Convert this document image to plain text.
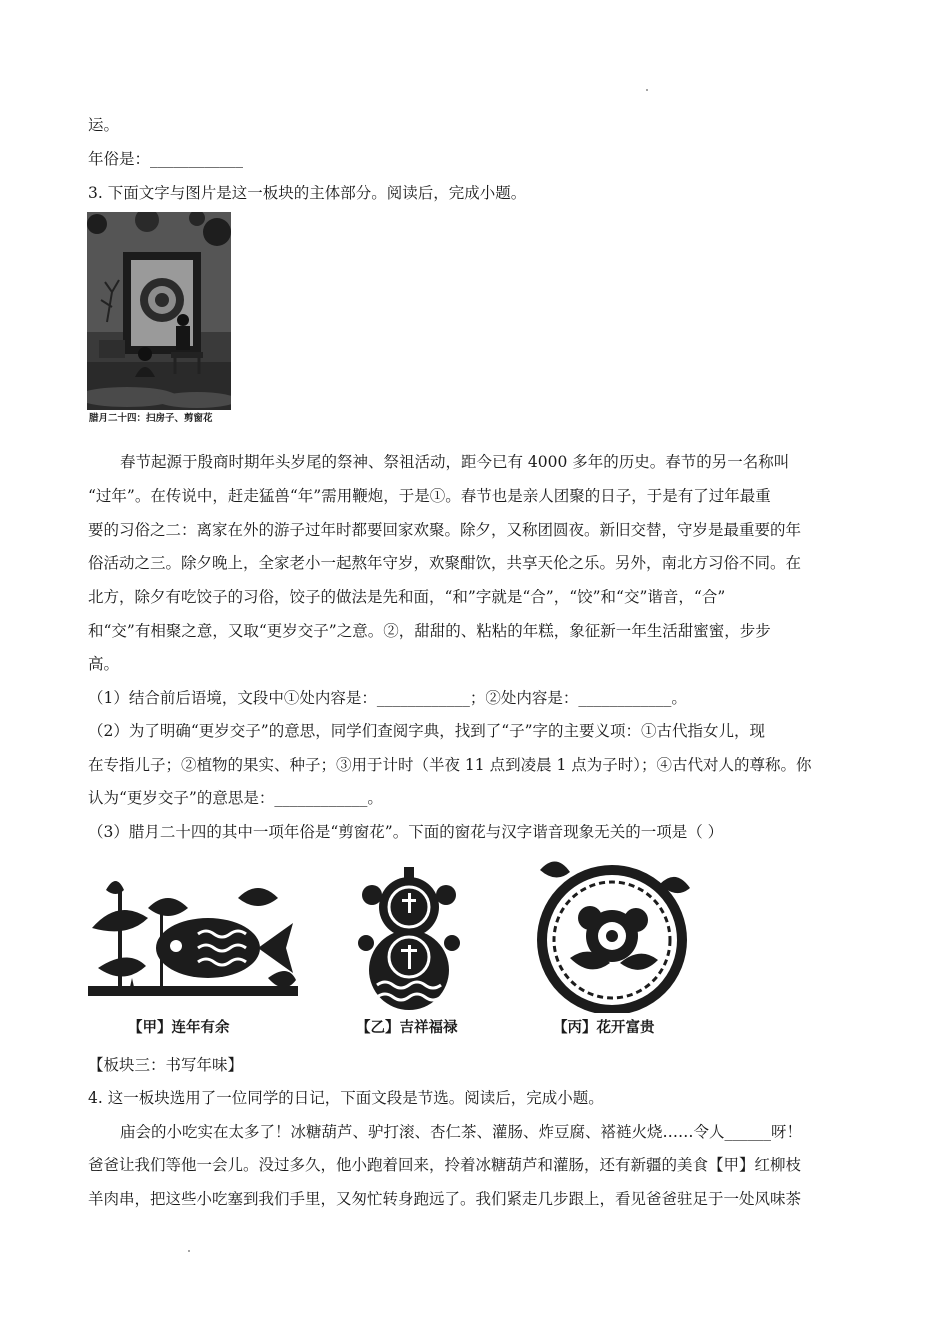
运。
年俗是：____________
3. 下面文字与图片是这一板块的主体部分。阅读后，完成小题。
腊月二十四：扫房子、剪窗花
春节起源于殷商时期年头岁尾的祭神、祭祖活动，距今已有 4000 多年的历史。春节的另一名称叫
“过年”。在传说中，赶走猛兽“年”需用鞭炮，于是①。春节也是亲人团聚的日子，于是有了过年最重
要的习俗之二：离家在外的游子过年时都要回家欢聚。除夕，又称团圆夜。新旧交替，守岁是最重要的年
俗活动之三。除夕晚上，全家老小一起熬年守岁，欢聚酣饮，共享天伦之乐。另外，南北方习俗不同。在
北方，除夕有吃饺子的习俗，饺子的做法是先和面，“和”字就是“合”，“饺”和“交”谐音，“合”
和“交”有相聚之意，又取“更岁交子”之意。②，甜甜的、粘粘的年糕，象征新一年生活甜蜜蜜，步步
高。
（1）结合前后语境，文段中①处内容是：____________；②处内容是：____________。
（2）为了明确“更岁交子”的意思，同学们查阅字典，找到了“子”字的主要义项：①古代指女儿，现
在专指儿子；②植物的果实、种子；③用于计时（半夜 11 点到凌晨 1 点为子时）；④古代对人的尊称。你
认为“更岁交子”的意思是：____________。
（3）腊月二十四的其中一项年俗是“剪窗花”。下面的窗花与汉字谐音现象无关的一项是（ ）
【甲】连年有余	【乙】吉祥福禄	【丙】花开富贵
【板块三：书写年味】
4. 这一板块选用了一位同学的日记，下面文段是节选。阅读后，完成小题。
庙会的小吃实在太多了！冰糖葫芦、驴打滚、杏仁茶、灌肠、炸豆腐、褡裢火烧……令人______呀！
爸爸让我们等他一会儿。没过多久，他小跑着回来，拎着冰糖葫芦和灌肠，还有新疆的美食【甲】红柳枝
羊肉串，把这些小吃塞到我们手里，又匆忙转身跑远了。我们紧走几步跟上，看见爸爸驻足于一处风味茶
